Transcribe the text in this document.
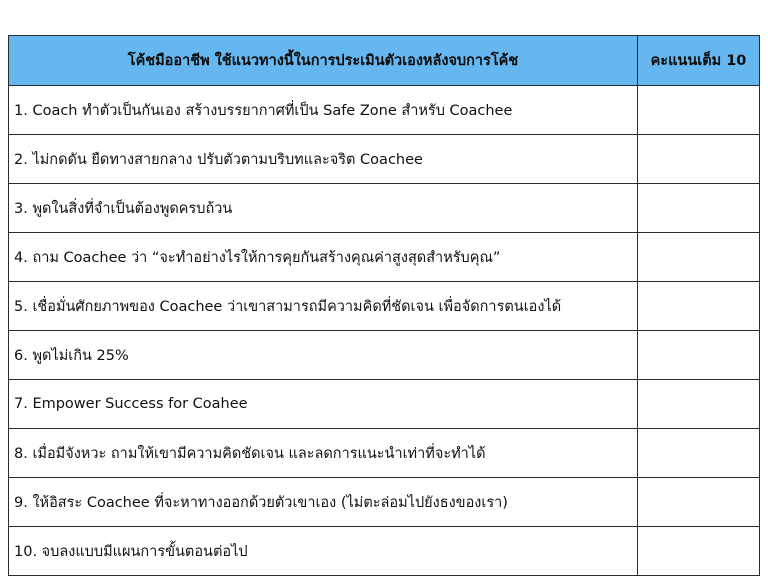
โค้ชมืออาชีพ ใช้แนวทางนี้ในการประเมินตัวเองหลังจบการโค้ช	คะแนนเต็ม 10
1. Coach ทำตัวเป็นกันเอง สร้างบรรยากาศที่เป็น Safe Zone สำหรับ Coachee	
2. ไม่กดดัน ยืดทางสายกลาง ปรับตัวตามบริบทและจริต Coachee	
3. พูดในสิ่งที่จำเป็นต้องพูดครบถ้วน	
4. ถาม Coachee ว่า “จะทำอย่างไรให้การคุยกันสร้างคุณค่าสูงสุดสำหรับคุณ”	
5. เชื่อมั่นศักยภาพของ Coachee ว่าเขาสามารถมีความคิดที่ชัดเจน เพื่อจัดการตนเองได้	
6. พูดไม่เกิน 25%	
7. Empower Success for Coahee	
8. เมื่อมีจังหวะ ถามให้เขามีความคิดชัดเจน และลดการแนะนำเท่าที่จะทำได้	
9. ให้อิสระ Coachee ที่จะหาทางออกด้วยตัวเขาเอง (ไม่ตะล่อมไปยังธงของเรา)	
10. จบลงแบบมีแผนการขั้นตอนต่อไป	
